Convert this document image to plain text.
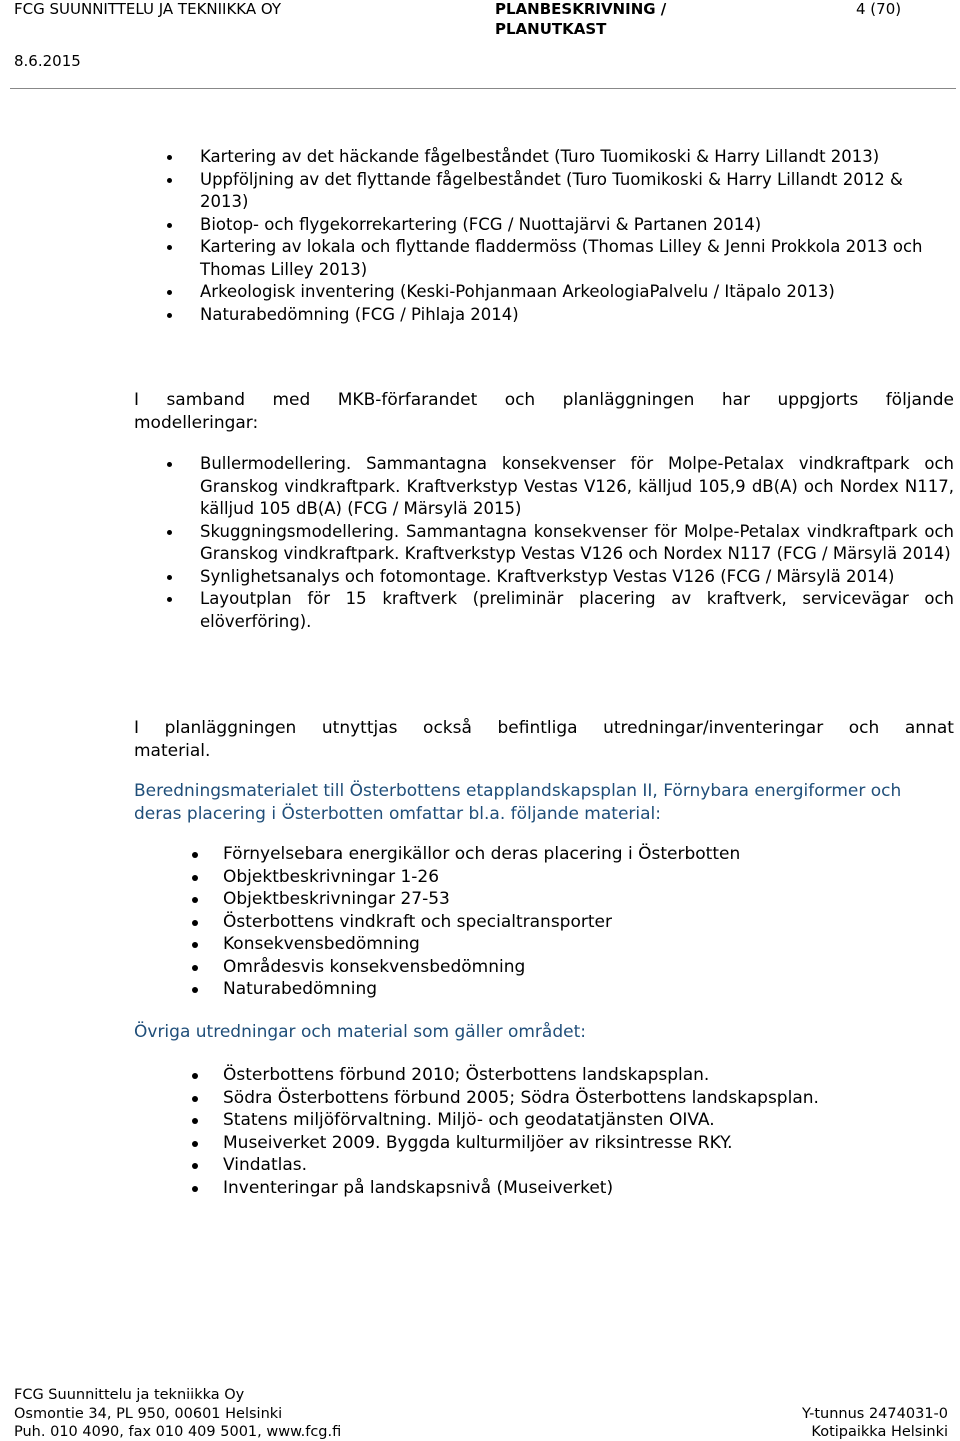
FCG SUUNNITTELU JA TEKNIIKKA OY
8.6.2015
PLANBESKRIVNING /
PLANUTKAST
4 (70)
Kartering av det häckande fågelbeståndet (Turo Tuomikoski & Harry Lillandt 2013)
Uppföljning av det flyttande fågelbeståndet (Turo Tuomikoski & Harry Lillandt 2012 & 2013)
Biotop- och flygekorrekartering (FCG / Nuottajärvi & Partanen 2014)
Kartering av lokala och flyttande fladdermöss (Thomas Lilley & Jenni Prokkola 2013 och Thomas Lilley 2013)
Arkeologisk inventering (Keski-Pohjanmaan ArkeologiaPalvelu / Itäpalo 2013)
Naturabedömning (FCG / Pihlaja 2014)
I samband med MKB-förfarandet och planläggningen har uppgjorts följande
modelleringar:
Bullermodellering. Sammantagna konsekvenser för Molpe-Petalax vindkraftpark och Granskog vindkraftpark. Kraftverkstyp Vestas V126, källjud 105,9 dB(A) och Nordex N117, källjud 105 dB(A) (FCG / Märsylä 2015)
Skuggningsmodellering. Sammantagna konsekvenser för Molpe-Petalax vindkraftpark och Granskog vindkraftpark. Kraftverkstyp Vestas V126 och Nordex N117 (FCG / Märsylä 2014)
Synlighetsanalys och fotomontage. Kraftverkstyp Vestas V126 (FCG / Märsylä 2014)
Layoutplan för 15 kraftverk (preliminär placering av kraftverk, servicevägar och elöverföring).
I planläggningen utnyttjas också befintliga utredningar/inventeringar och annat
material.
Beredningsmaterialet till Österbottens etapplandskapsplan II, Förnybara energiformer och deras placering i Österbotten omfattar bl.a. följande material:
Förnyelsebara energikällor och deras placering i Österbotten
Objektbeskrivningar 1-26
Objektbeskrivningar 27-53
Österbottens vindkraft och specialtransporter
Konsekvensbedömning
Områdesvis konsekvensbedömning
Naturabedömning
Övriga utredningar och material som gäller området:
Österbottens förbund 2010; Österbottens landskapsplan.
Södra Österbottens förbund 2005; Södra Österbottens landskapsplan.
Statens miljöförvaltning. Miljö- och geodatatjänsten OIVA.
Museiverket 2009. Byggda kulturmiljöer av riksintresse RKY.
Vindatlas.
Inventeringar på landskapsnivå (Museiverket)
FCG Suunnittelu ja tekniikka Oy
Osmontie 34, PL 950, 00601 Helsinki
Puh. 010 4090, fax 010 409 5001, www.fcg.fi
Y-tunnus 2474031-0
Kotipaikka Helsinki
